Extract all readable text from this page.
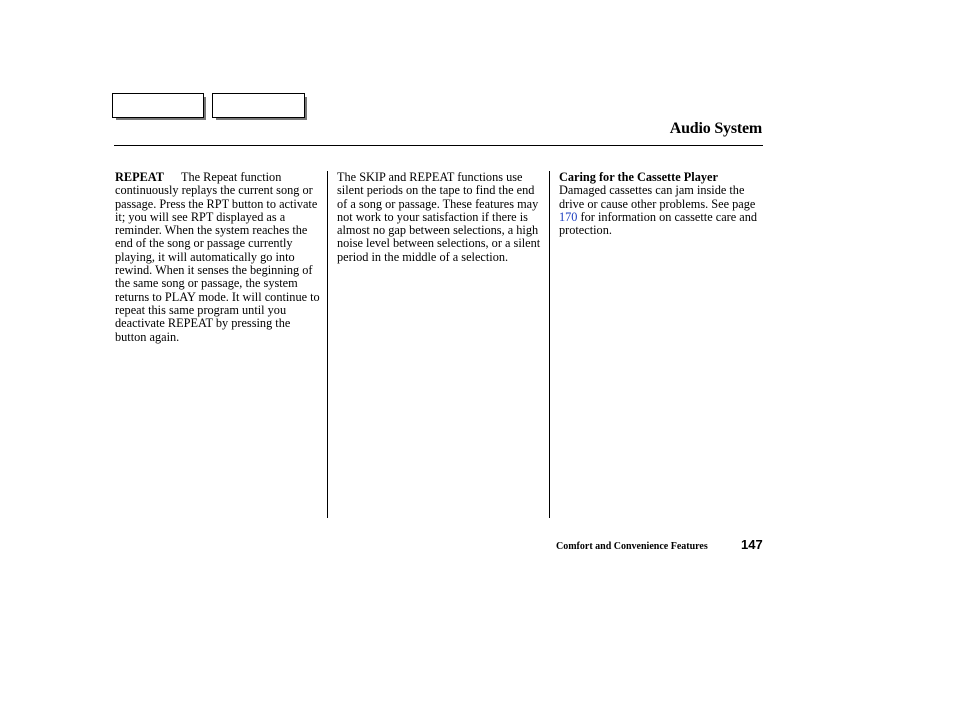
Audio System

REPEAT The Repeat function continuously replays the current song or passage. Press the RPT button to activate it; you will see RPT displayed as a reminder. When the system reaches the end of the song or passage currently playing, it will automatically go into rewind. When it senses the beginning of the same song or passage, the system returns to PLAY mode. It will continue to repeat this same program until you deactivate REPEAT by pressing the button again.

The SKIP and REPEAT functions use silent periods on the tape to find the end of a song or passage. These features may not work to your satisfaction if there is almost no gap between selections, a high noise level between selections, or a silent period in the middle of a selection.

Caring for the Cassette Player

Damaged cassettes can jam inside the drive or cause other problems. See page 170 for information on cassette care and protection.

Comfort and Convenience Features	147
